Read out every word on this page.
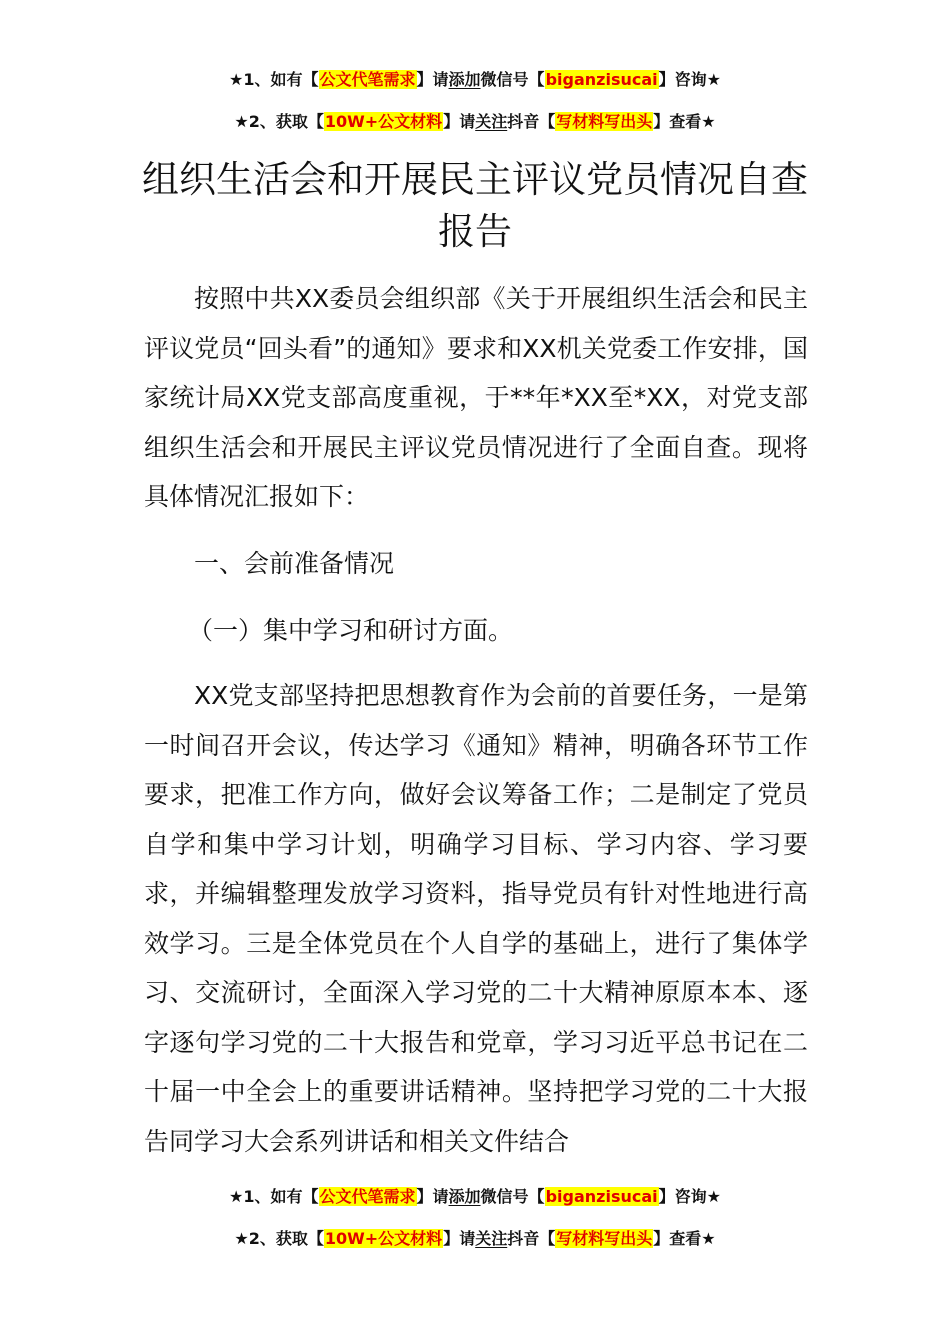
★1、如有【公文代笔需求】请添加微信号【biganzisucai】咨询★
★2、获取【10W+公文材料】请关注抖音【写材料写出头】查看★
组织生活会和开展民主评议党员情况自查报告
按照中共XX委员会组织部《关于开展组织生活会和民主评议党员“回头看”的通知》要求和XX机关党委工作安排，国家统计局XX党支部高度重视，于**年*XX至*XX，对党支部组织生活会和开展民主评议党员情况进行了全面自查。现将具体情况汇报如下：
一、会前准备情况
（一）集中学习和研讨方面。
XX党支部坚持把思想教育作为会前的首要任务，一是第一时间召开会议，传达学习《通知》精神，明确各环节工作要求，把准工作方向，做好会议筹备工作；二是制定了党员自学和集中学习计划，明确学习目标、学习内容、学习要求，并编辑整理发放学习资料，指导党员有针对性地进行高效学习。三是全体党员在个人自学的基础上，进行了集体学习、交流研讨，全面深入学习党的二十大精神原原本本、逐字逐句学习党的二十大报告和党章，学习习近平总书记在二十届一中全会上的重要讲话精神。坚持把学习党的二十大报告同学习大会系列讲话和相关文件结合
★1、如有【公文代笔需求】请添加微信号【biganzisucai】咨询★
★2、获取【10W+公文材料】请关注抖音【写材料写出头】查看★
